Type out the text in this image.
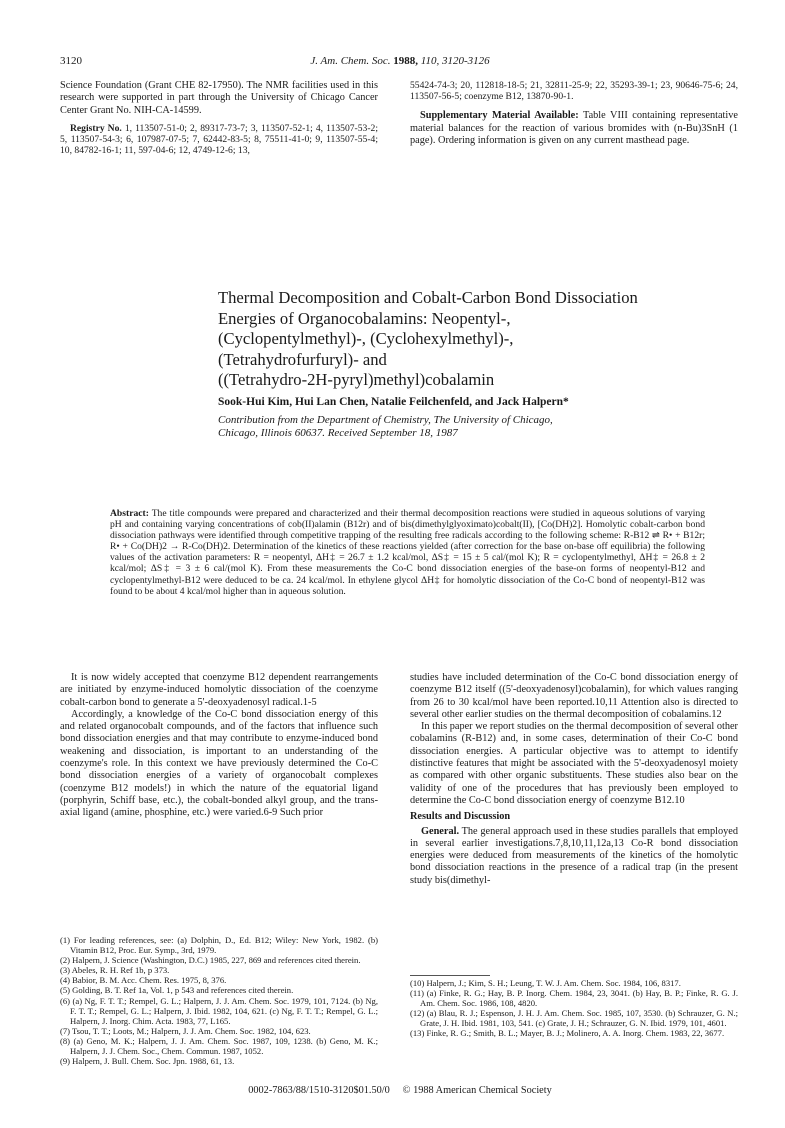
3120	J. Am. Chem. Soc. 1988, 110, 3120-3126

Science Foundation (Grant CHE 82-17950). The NMR facilities used in this research were supported in part through the University of Chicago Cancer Center Grant No. NIH-CA-14599.

Registry No. 1, 113507-51-0; 2, 89317-73-7; 3, 113507-52-1; 4, 113507-53-2; 5, 113507-54-3; 6, 107987-07-5; 7, 62442-83-5; 8, 75511-41-0; 9, 113507-55-4; 10, 84782-16-1; 11, 597-04-6; 12, 4749-12-6; 13,

55424-74-3; 20, 112818-18-5; 21, 32811-25-9; 22, 35293-39-1; 23, 90646-75-6; 24, 113507-56-5; coenzyme B12, 13870-90-1.

Supplementary Material Available: Table VIII containing representative material balances for the reaction of various bromides with (n-Bu)3SnH (1 page). Ordering information is given on any current masthead page.

Thermal Decomposition and Cobalt-Carbon Bond Dissociation
Energies of Organocobalamins: Neopentyl-,
(Cyclopentylmethyl)-, (Cyclohexylmethyl)-,
(Tetrahydrofurfuryl)- and
((Tetrahydro-2H-pyryl)methyl)cobalamin
Sook-Hui Kim, Hui Lan Chen, Natalie Feilchenfeld, and Jack Halpern*
Contribution from the Department of Chemistry, The University of Chicago,
Chicago, Illinois 60637. Received September 18, 1987
Abstract: The title compounds were prepared and characterized and their thermal decomposition reactions were studied in aqueous solutions of varying pH and containing varying concentrations of cob(II)alamin (B12r) and of bis(dimethylglyoximato)cobalt(II), [Co(DH)2]. Homolytic cobalt-carbon bond dissociation pathways were identified through competitive trapping of the resulting free radicals according to the following scheme: R-B12 ⇌ R• + B12r; R• + Co(DH)2 → R-Co(DH)2. Determination of the kinetics of these reactions yielded (after correction for the base on-base off equilibria) the following values of the activation parameters: R = neopentyl, ΔH‡ = 26.7 ± 1.2 kcal/mol, ΔS‡ = 15 ± 5 cal/(mol K); R = cyclopentylmethyl, ΔH‡ = 26.8 ± 2 kcal/mol; ΔS‡ = 3 ± 6 cal/(mol K). From these measurements the Co-C bond dissociation energies of the base-on forms of neopentyl-B12 and cyclopentylmethyl-B12 were deduced to be ca. 24 kcal/mol. In ethylene glycol ΔH‡ for homolytic dissociation of the Co-C bond of neopentyl-B12 was found to be about 4 kcal/mol higher than in aqueous solution.

It is now widely accepted that coenzyme B12 dependent rearrangements are initiated by enzyme-induced homolytic dissociation of the coenzyme cobalt-carbon bond to generate a 5'-deoxyadenosyl radical.1-5

Accordingly, a knowledge of the Co-C bond dissociation energy of this and related organocobalt compounds, and of the factors that influence such bond dissociation energies and that may contribute to enzyme-induced bond weakening and dissociation, is important to an understanding of the coenzyme's role. In this context we have previously determined the Co-C bond dissociation energies of a variety of organocobalt complexes (coenzyme B12 models!) in which the nature of the equatorial ligand (porphyrin, Schiff base, etc.), the cobalt-bonded alkyl group, and the trans-axial ligand (amine, phosphine, etc.) were varied.6-9 Such prior

(1) For leading references, see: (a) Dolphin, D., Ed. B12; Wiley: New York, 1982. (b) Vitamin B12, Proc. Eur. Symp., 3rd, 1979.

(2) Halpern, J. Science (Washington, D.C.) 1985, 227, 869 and references cited therein.

(3) Abeles, R. H. Ref 1b, p 373.

(4) Babior, B. M. Acc. Chem. Res. 1975, 8, 376.

(5) Golding, B. T. Ref 1a, Vol. 1, p 543 and references cited therein.

(6) (a) Ng, F. T. T.; Rempel, G. L.; Halpern, J. J. Am. Chem. Soc. 1979, 101, 7124. (b) Ng, F. T. T.; Rempel, G. L.; Halpern, J. Ibid. 1982, 104, 621. (c) Ng, F. T. T.; Rempel, G. L.; Halpern, J. Inorg. Chim. Acta. 1983, 77, L165.

(7) Tsou, T. T.; Loots, M.; Halpern, J. J. Am. Chem. Soc. 1982, 104, 623.

(8) (a) Geno, M. K.; Halpern, J. J. Am. Chem. Soc. 1987, 109, 1238. (b) Geno, M. K.; Halpern, J. J. Chem. Soc., Chem. Commun. 1987, 1052.

(9) Halpern, J. Bull. Chem. Soc. Jpn. 1988, 61, 13.

studies have included determination of the Co-C bond dissociation energy of coenzyme B12 itself ((5'-deoxyadenosyl)cobalamin), for which values ranging from 26 to 30 kcal/mol have been reported.10,11 Attention also is directed to several other earlier studies on the thermal decomposition of cobalamins.12

In this paper we report studies on the thermal decomposition of several other cobalamins (R-B12) and, in some cases, determination of their Co-C bond dissociation energies. A particular objective was to attempt to identify distinctive features that might be associated with the 5'-deoxyadenosyl moiety as compared with other organic substituents. These studies also bear on the validity of one of the procedures that has previously been employed to determine the Co-C bond dissociation energy of coenzyme B12.10

Results and Discussion

General. The general approach used in these studies parallels that employed in several earlier investigations.7,8,10,11,12a,13 Co-R bond dissociation energies were deduced from measurements of the kinetics of the homolytic bond dissociation reactions in the presence of a radical trap (in the present study bis(dimethyl-

(10) Halpern, J.; Kim, S. H.; Leung, T. W. J. Am. Chem. Soc. 1984, 106, 8317.

(11) (a) Finke, R. G.; Hay, B. P. Inorg. Chem. 1984, 23, 3041. (b) Hay, B. P.; Finke, R. G. J. Am. Chem. Soc. 1986, 108, 4820.

(12) (a) Blau, R. J.; Espenson, J. H. J. Am. Chem. Soc. 1985, 107, 3530. (b) Schrauzer, G. N.; Grate, J. H. Ibid. 1981, 103, 541. (c) Grate, J. H.; Schrauzer, G. N. Ibid. 1979, 101, 4601.

(13) Finke, R. G.; Smith, B. L.; Mayer, B. J.; Molinero, A. A. Inorg. Chem. 1983, 22, 3677.

0002-7863/88/1510-3120$01.50/0 © 1988 American Chemical Society
